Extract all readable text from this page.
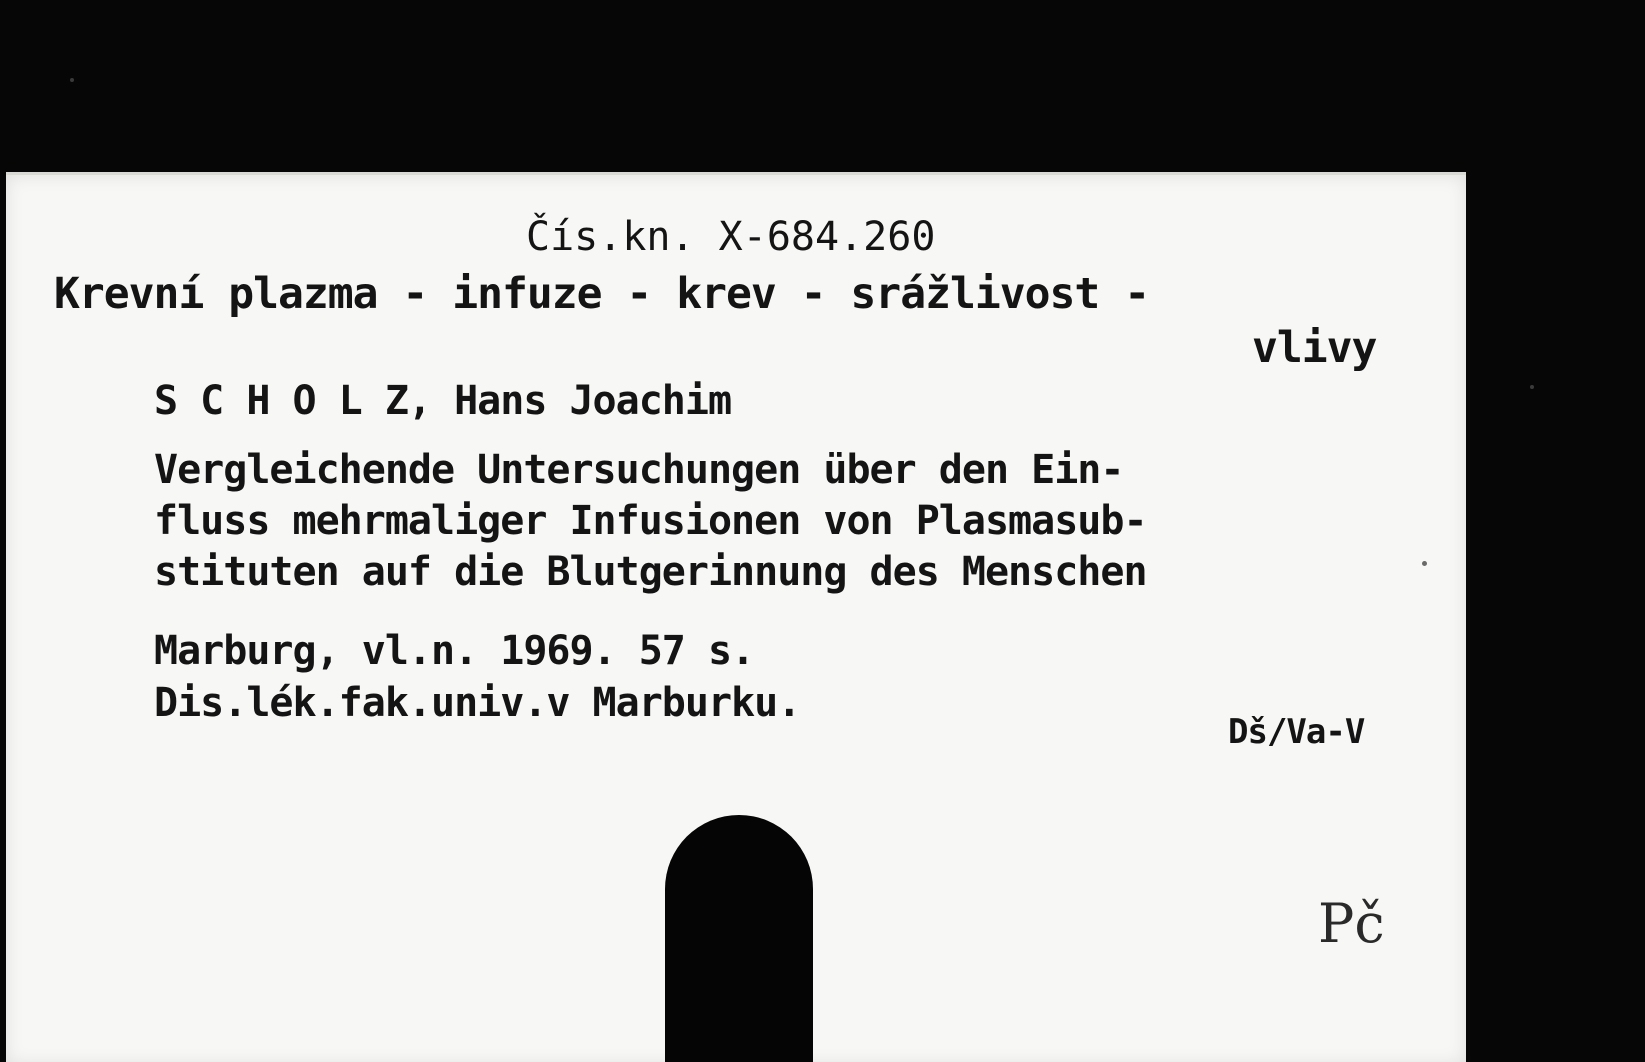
Čís.kn. X-684.260

Krevní plazma - infuze - krev - srážlivost -

vlivy

S C H O L Z, Hans Joachim

Vergleichende Untersuchungen über den Ein-
fluss mehrmaliger Infusionen von Plasmasub-
stituten auf die Blutgerinnung des Menschen

Marburg, vl.n. 1969. 57 s.

Dis.lék.fak.univ.v Marburku.

Dš/Va-V

Pč
